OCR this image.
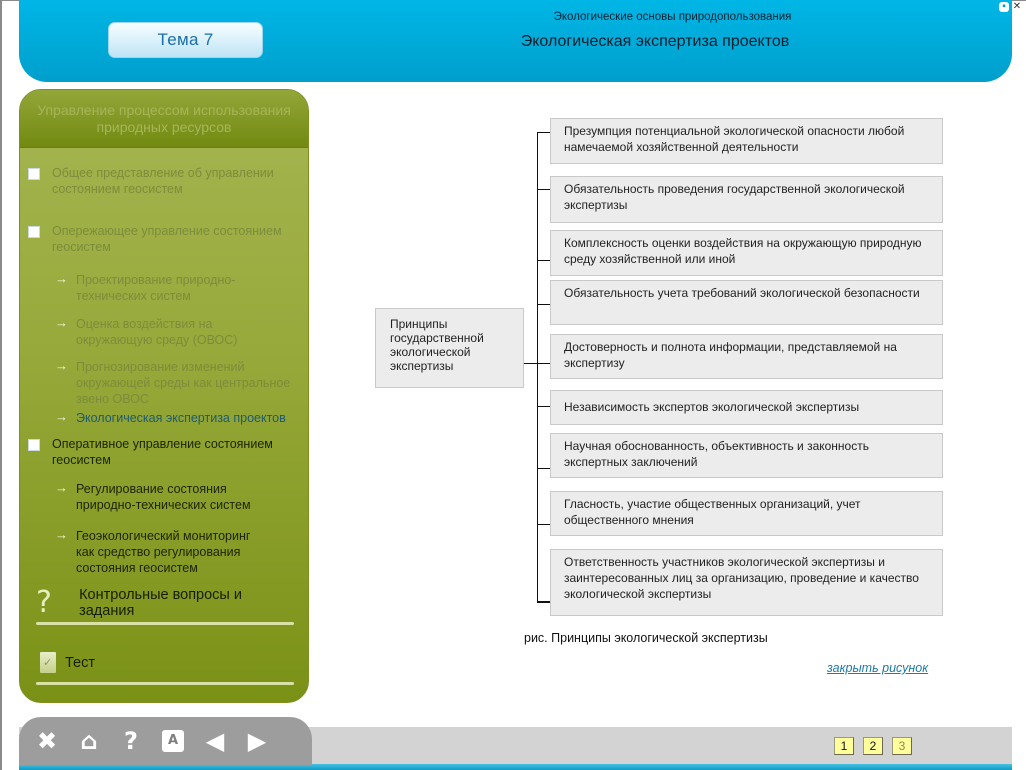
Тема 7
Экологические основы природопользования
Экологическая экспертиза проектов
▪ ✕
Управление процессом использования природных ресурсов
Общее представление об управлении состоянием геосистем
Опережающее управление состоянием геосистем
→ Проектирование природно-технических систем
→ Оценка воздействия на окружающую среду (ОВОС)
→ Прогнозирование изменений окружающей среды как центральное звено ОВОС
→ Экологическая экспертиза проектов
Оперативное управление состоянием геосистем
→ Регулирование состояния природно-технических систем
→ Геоэкологический мониторинг как средство регулирования состояния геосистем
?	Контрольные вопросы и задания
✓
Тест
Принципы государственной экологической экспертизы
Презумпция потенциальной экологической опасности любой намечаемой хозяйственной деятельности
Обязательность проведения государственной экологической экспертизы
Комплексность оценки воздействия на окружающую природную среду хозяйственной или иной
Обязательность учета требований экологической безопасности
Достоверность и полнота информации, представляемой на экспертизу
Независимость экспертов экологической экспертизы
Научная обоснованность, объективность и законность экспертных заключений
Гласность, участие общественных организаций, учет общественного мнения
Ответственность участников экологической экспертизы и заинтересованных лиц за организацию, проведение и качество экологической экспертизы
рис. Принципы экологической экспертизы
закрыть рисунок
✖ ⌂ ?	A ◀ ▶	1	2	3
